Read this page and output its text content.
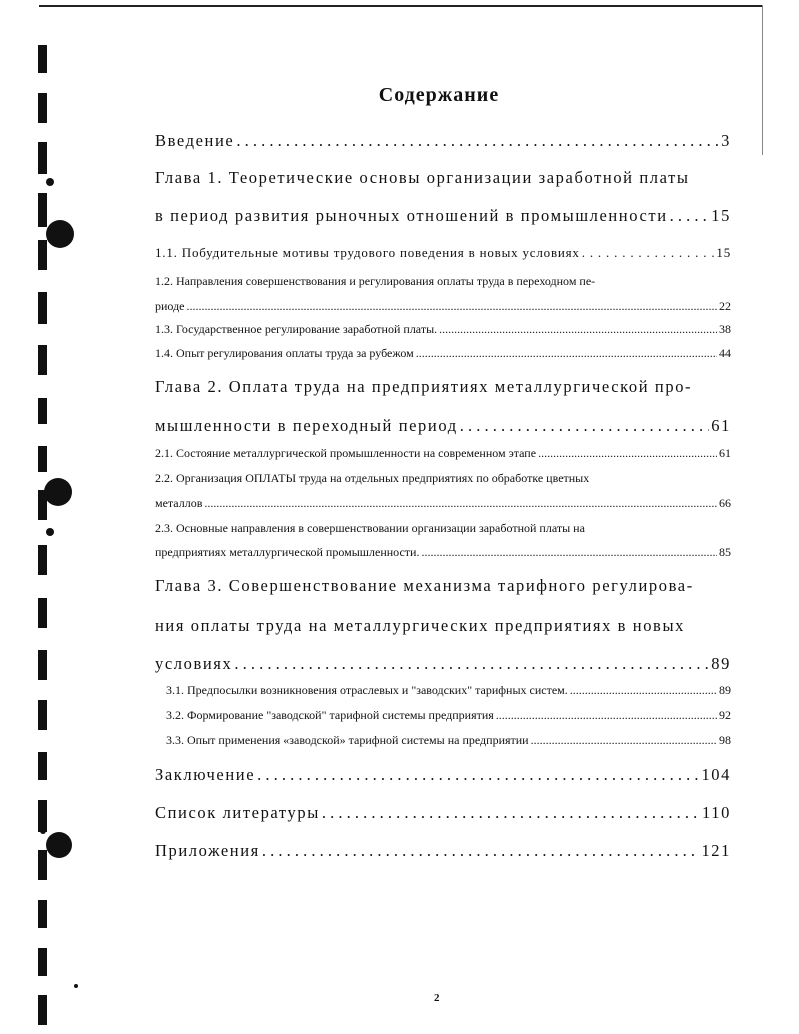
Содержание
Введение . . .	3
Глава 1. Теоретические основы организации заработной платы
в период развития рыночных отношений в промышленности . . .	15
1.1. Побудительные мотивы трудового поведения в новых условиях . . .	15
1.2. Направления совершенствования и регулирования оплаты труда в переходном пе-
риоде . . .	22
1.3. Государственное регулирование заработной платы. . . .	38
1.4. Опыт регулирования оплаты труда за рубежом . . .	44
Глава 2. Оплата труда на предприятиях металлургической про-
мышленности в переходный период . . .	61
2.1. Состояние металлургической промышленности на современном этапе . . .	61
2.2. Организация ОПЛАТЫ труда на отдельных предприятиях по обработке цветных
металлов . . .	66
2.3. Основные направления в совершенствовании организации заработной платы на
предприятиях металлургической промышленности. . . .	85
Глава 3. Совершенствование механизма тарифного регулирова-
ния оплаты труда на металлургических предприятиях в новых
условиях . . .	89
3.1. Предпосылки возникновения отраслевых и "заводских" тарифных систем. . . .	89
3.2. Формирование "заводской" тарифной системы предприятия . . .	92
3.3. Опыт применения «заводской» тарифной системы на предприятии . . .	98
Заключение . . .	104
Список литературы . . .	110
Приложения . . .	121
2
